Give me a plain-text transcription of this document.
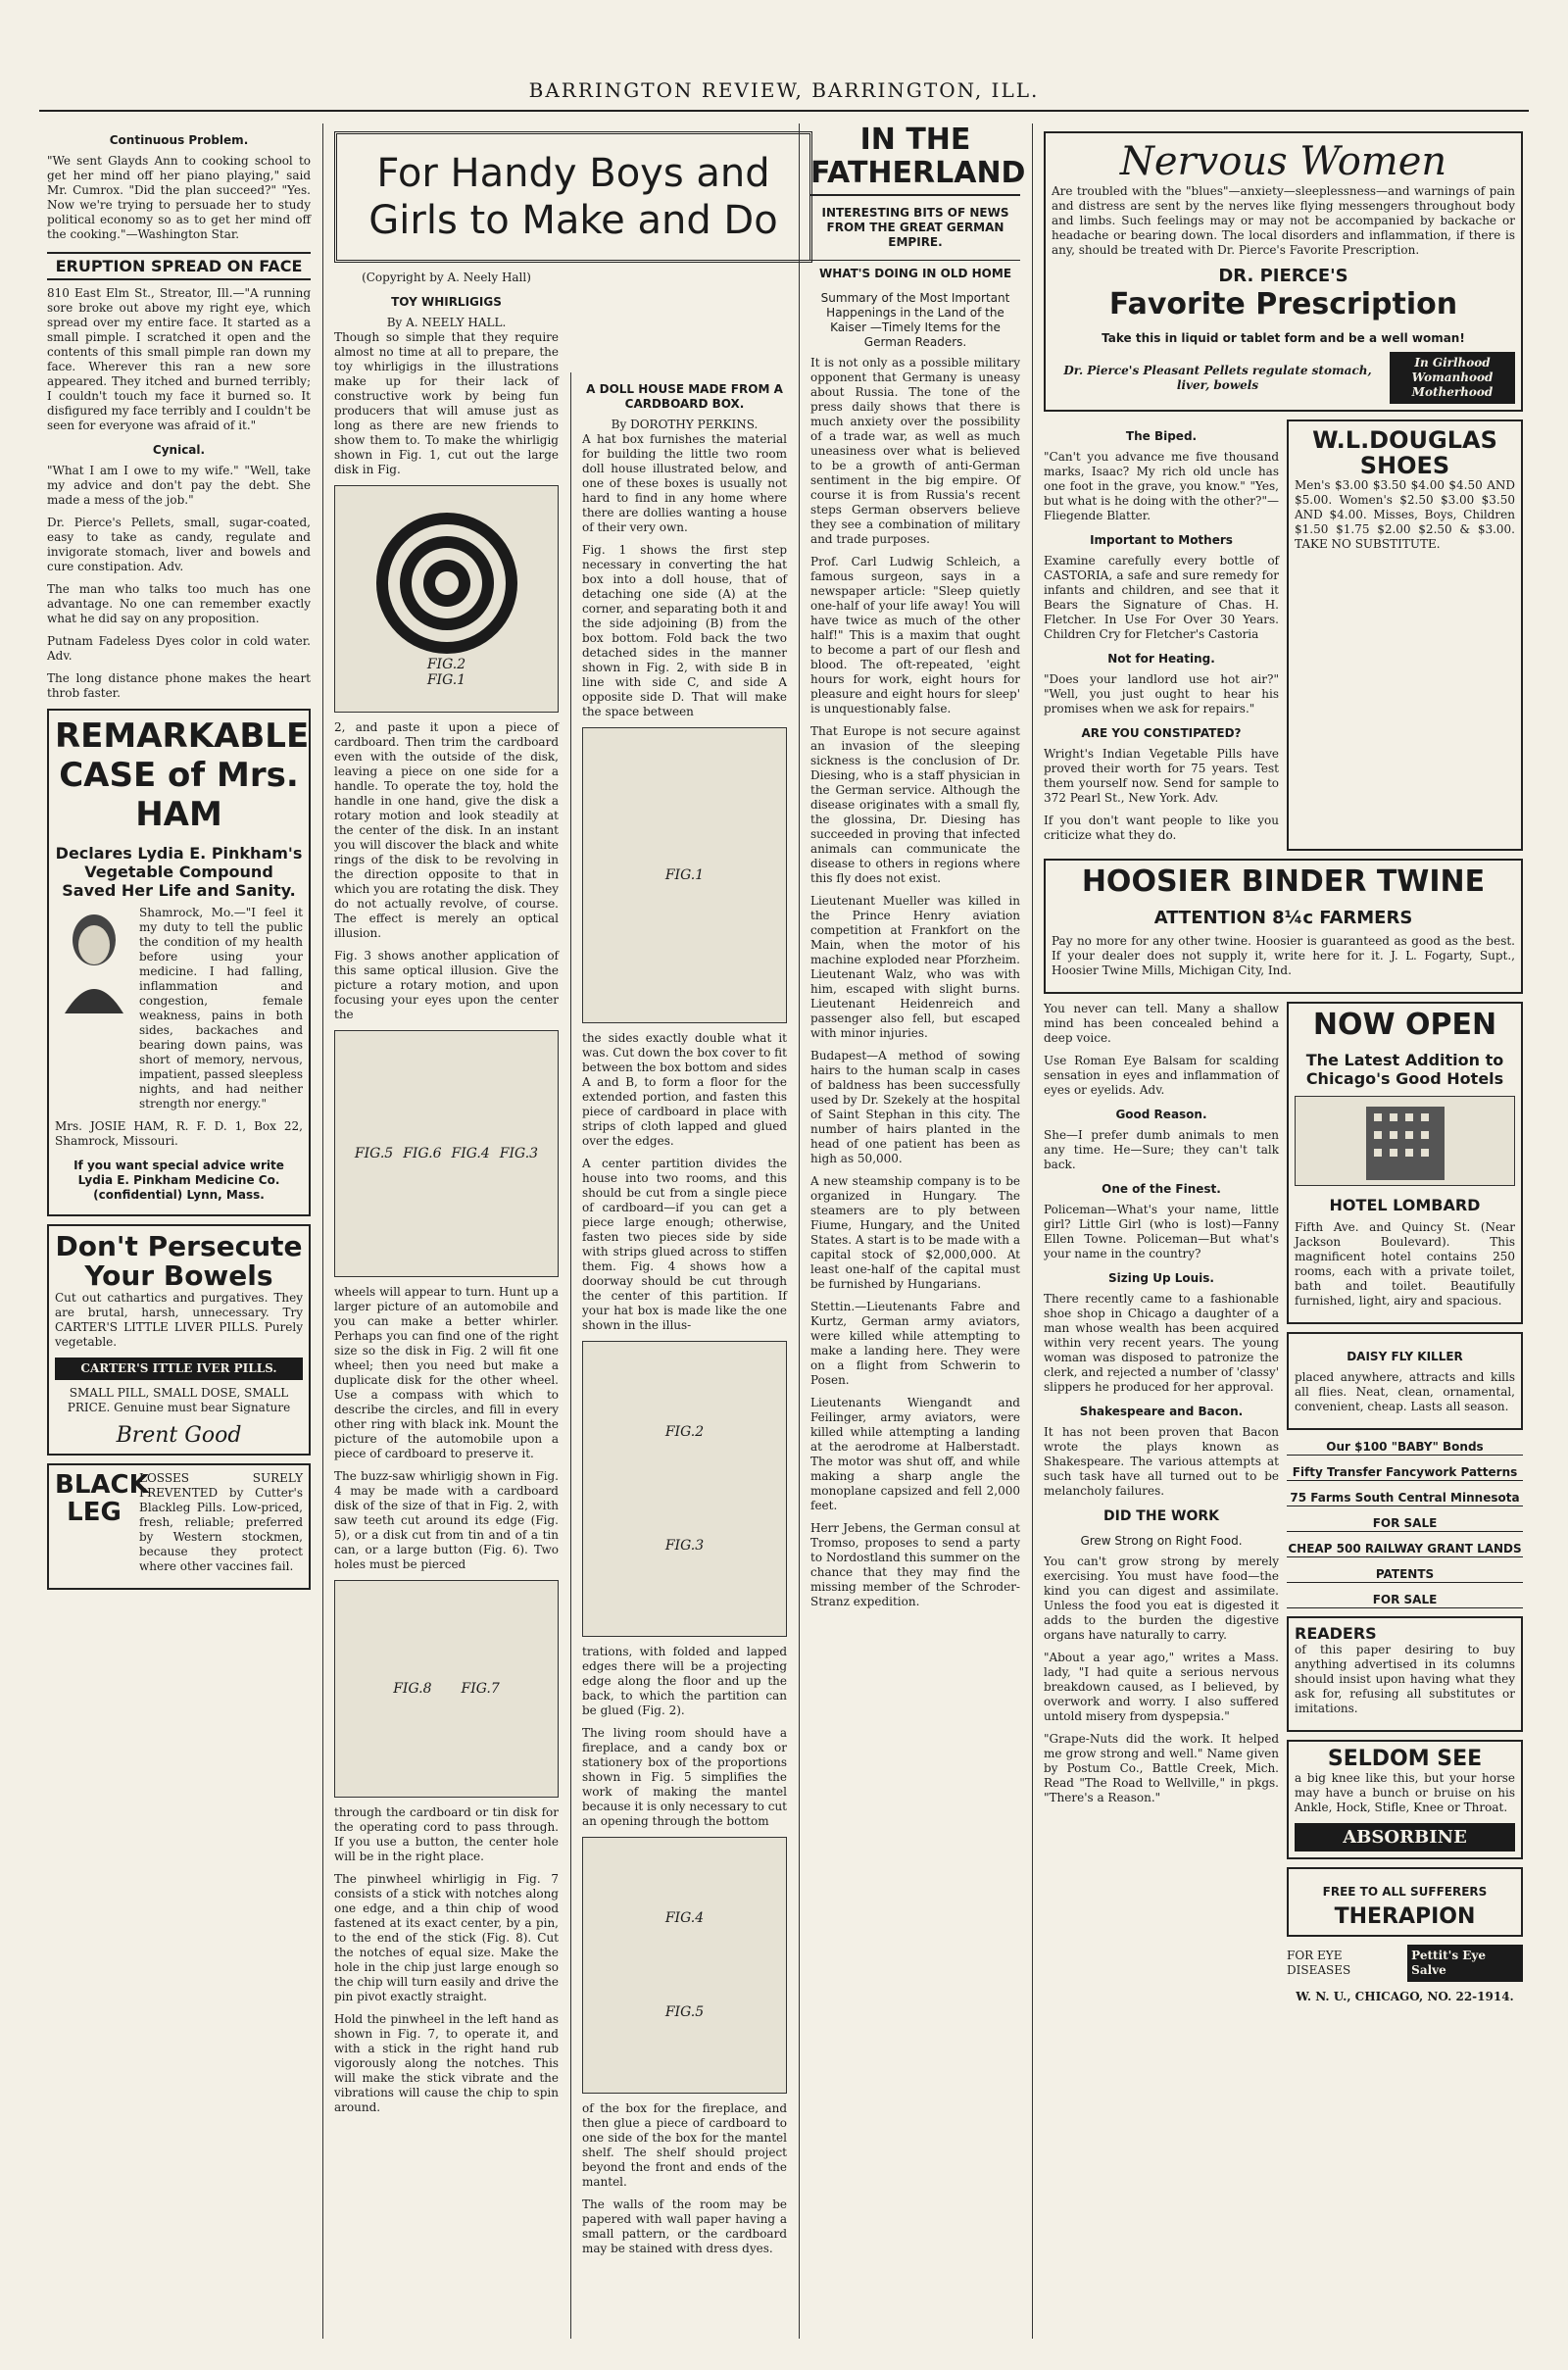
BARRINGTON REVIEW, BARRINGTON, ILL.
Continuous Problem.

"We sent Glayds Ann to cooking school to get her mind off her piano playing," said Mr. Cumrox. "Did the plan succeed?" "Yes. Now we're trying to persuade her to study political economy so as to get her mind off the cooking."—Washington Star.

ERUPTION SPREAD ON FACE

810 East Elm St., Streator, Ill.—"A running sore broke out above my right eye, which spread over my entire face. It started as a small pimple. I scratched it open and the contents of this small pimple ran down my face. Wherever this ran a new sore appeared. They itched and burned terribly; I couldn't touch my face it burned so. It disfigured my face terribly and I couldn't be seen for everyone was afraid of it."

Cynical.

"What I am I owe to my wife." "Well, take my advice and don't pay the debt. She made a mess of the job."

Dr. Pierce's Pellets, small, sugar-coated, easy to take as candy, regulate and invigorate stomach, liver and bowels and cure constipation. Adv.

The man who talks too much has one advantage. No one can remember exactly what he did say on any proposition.

Putnam Fadeless Dyes color in cold water. Adv.

The long distance phone makes the heart throb faster.

REMARKABLE CASE of Mrs. HAM
Declares Lydia E. Pinkham's Vegetable Compound Saved Her Life and Sanity.

Shamrock, Mo.—"I feel it my duty to tell the public the condition of my health before using your medicine. I had falling, inflammation and congestion, female weakness, pains in both sides, backaches and bearing down pains, was short of memory, nervous, impatient, passed sleepless nights, and had neither strength nor energy."

Mrs. JOSIE HAM, R. F. D. 1, Box 22, Shamrock, Missouri.

If you want special advice write Lydia E. Pinkham Medicine Co. (confidential) Lynn, Mass.
Don't Persecute Your Bowels

Cut out cathartics and purgatives. They are brutal, harsh, unnecessary. Try CARTER'S LITTLE LIVER PILLS. Purely vegetable.

CARTER'S ITTLE IVER PILLS.

SMALL PILL, SMALL DOSE, SMALL PRICE. Genuine must bear Signature

Brent Good
BLACK LEG

LOSSES SURELY PREVENTED by Cutter's Blackleg Pills. Low-priced, fresh, reliable; preferred by Western stockmen, because they protect where other vaccines fail.

For Handy Boys and Girls to Make and Do
(Copyright by A. Neely Hall)
TOY WHIRLIGIGS
By A. NEELY HALL.

Though so simple that they require almost no time at all to prepare, the toy whirligigs in the illustrations make up for their lack of constructive work by being fun producers that will amuse just as long as there are new friends to show them to. To make the whirligig shown in Fig. 1, cut out the large disk in Fig.

FIG.2
FIG.1

2, and paste it upon a piece of cardboard. Then trim the cardboard even with the outside of the disk, leaving a piece on one side for a handle. To operate the toy, hold the handle in one hand, give the disk a rotary motion and look steadily at the center of the disk. In an instant you will discover the black and white rings of the disk to be revolving in the direction opposite to that in which you are rotating the disk. They do not actually revolve, of course. The effect is merely an optical illusion.

Fig. 3 shows another application of this same optical illusion. Give the picture a rotary motion, and upon focusing your eyes upon the center the

FIG.5 FIG.6 FIG.4 FIG.3

wheels will appear to turn. Hunt up a larger picture of an automobile and you can make a better whirler. Perhaps you can find one of the right size so the disk in Fig. 2 will fit one wheel; then you need but make a duplicate disk for the other wheel. Use a compass with which to describe the circles, and fill in every other ring with black ink. Mount the picture of the automobile upon a piece of cardboard to preserve it.

The buzz-saw whirligig shown in Fig. 4 may be made with a cardboard disk of the size of that in Fig. 2, with saw teeth cut around its edge (Fig. 5), or a disk cut from tin and of a tin can, or a large button (Fig. 6). Two holes must be pierced

FIG.8 FIG.7

through the cardboard or tin disk for the operating cord to pass through. If you use a button, the center hole will be in the right place.

The pinwheel whirligig in Fig. 7 consists of a stick with notches along one edge, and a thin chip of wood fastened at its exact center, by a pin, to the end of the stick (Fig. 8). Cut the notches of equal size. Make the hole in the chip just large enough so the chip will turn easily and drive the pin pivot exactly straight.

Hold the pinwheel in the left hand as shown in Fig. 7, to operate it, and with a stick in the right hand rub vigorously along the notches. This will make the stick vibrate and the vibrations will cause the chip to spin around.

A DOLL HOUSE MADE FROM A CARDBOARD BOX.
By DOROTHY PERKINS.

A hat box furnishes the material for building the little two room doll house illustrated below, and one of these boxes is usually not hard to find in any home where there are dollies wanting a house of their very own.

Fig. 1 shows the first step necessary in converting the hat box into a doll house, that of detaching one side (A) at the corner, and separating both it and the side adjoining (B) from the box bottom. Fold back the two detached sides in the manner shown in Fig. 2, with side B in line with side C, and side A opposite side D. That will make the space between

FIG.1

the sides exactly double what it was. Cut down the box cover to fit between the box bottom and sides A and B, to form a floor for the extended portion, and fasten this piece of cardboard in place with strips of cloth lapped and glued over the edges.

A center partition divides the house into two rooms, and this should be cut from a single piece of cardboard—if you can get a piece large enough; otherwise, fasten two pieces side by side with strips glued across to stiffen them. Fig. 4 shows how a doorway should be cut through the center of this partition. If your hat box is made like the one shown in the illus-

FIG.2
FIG.3

trations, with folded and lapped edges there will be a projecting edge along the floor and up the back, to which the partition can be glued (Fig. 2).

The living room should have a fireplace, and a candy box or stationery box of the proportions shown in Fig. 5 simplifies the work of making the mantel because it is only necessary to cut an opening through the bottom

FIG.4
FIG.5

of the box for the fireplace, and then glue a piece of cardboard to one side of the box for the mantel shelf. The shelf should project beyond the front and ends of the mantel.

The walls of the room may be papered with wall paper having a small pattern, or the cardboard may be stained with dress dyes.

IN THE FATHERLAND
INTERESTING BITS OF NEWS FROM THE GREAT GERMAN EMPIRE.
WHAT'S DOING IN OLD HOME
Summary of the Most Important Happenings in the Land of the Kaiser —Timely Items for the German Readers.

It is not only as a possible military opponent that Germany is uneasy about Russia. The tone of the press daily shows that there is much anxiety over the possibility of a trade war, as well as much uneasiness over what is believed to be a growth of anti-German sentiment in the big empire. Of course it is from Russia's recent steps German observers believe they see a combination of military and trade purposes.

Prof. Carl Ludwig Schleich, a famous surgeon, says in a newspaper article: "Sleep quietly one-half of your life away! You will have twice as much of the other half!" This is a maxim that ought to become a part of our flesh and blood. The oft-repeated, 'eight hours for work, eight hours for pleasure and eight hours for sleep' is unquestionably false.

That Europe is not secure against an invasion of the sleeping sickness is the conclusion of Dr. Diesing, who is a staff physician in the German service. Although the disease originates with a small fly, the glossina, Dr. Diesing has succeeded in proving that infected animals can communicate the disease to others in regions where this fly does not exist.

Lieutenant Mueller was killed in the Prince Henry aviation competition at Frankfort on the Main, when the motor of his machine exploded near Pforzheim. Lieutenant Walz, who was with him, escaped with slight burns. Lieutenant Heidenreich and passenger also fell, but escaped with minor injuries.

Budapest—A method of sowing hairs to the human scalp in cases of baldness has been successfully used by Dr. Szekely at the hospital of Saint Stephan in this city. The number of hairs planted in the head of one patient has been as high as 50,000.

A new steamship company is to be organized in Hungary. The steamers are to ply between Fiume, Hungary, and the United States. A start is to be made with a capital stock of $2,000,000. At least one-half of the capital must be furnished by Hungarians.

Stettin.—Lieutenants Fabre and Kurtz, German army aviators, were killed while attempting to make a landing here. They were on a flight from Schwerin to Posen.

Lieutenants Wiengandt and Feilinger, army aviators, were killed while attempting a landing at the aerodrome at Halberstadt. The motor was shut off, and while making a sharp angle the monoplane capsized and fell 2,000 feet.

Herr Jebens, the German consul at Tromso, proposes to send a party to Nordostland this summer on the chance that they may find the missing member of the Schroder-Stranz expedition.

Nervous Women

Are troubled with the "blues"—anxiety—sleeplessness—and warnings of pain and distress are sent by the nerves like flying messengers throughout body and limbs. Such feelings may or may not be accompanied by backache or headache or bearing down. The local disorders and inflammation, if there is any, should be treated with Dr. Pierce's Favorite Prescription.

DR. PIERCE'S
Favorite Prescription
Take this in liquid or tablet form and be a well woman!
Dr. Pierce's Pleasant Pellets regulate stomach, liver, bowels
In Girlhood Womanhood Motherhood
The Biped.

"Can't you advance me five thousand marks, Isaac? My rich old uncle has one foot in the grave, you know." "Yes, but what is he doing with the other?"—Fliegende Blatter.

Important to Mothers

Examine carefully every bottle of CASTORIA, a safe and sure remedy for infants and children, and see that it Bears the Signature of Chas. H. Fletcher. In Use For Over 30 Years. Children Cry for Fletcher's Castoria

Not for Heating.

"Does your landlord use hot air?" "Well, you just ought to hear his promises when we ask for repairs."

ARE YOU CONSTIPATED?

Wright's Indian Vegetable Pills have proved their worth for 75 years. Test them yourself now. Send for sample to 372 Pearl St., New York. Adv.

If you don't want people to like you criticize what they do.

W.L.DOUGLAS SHOES

Men's $3.00 $3.50 $4.00 $4.50 AND $5.00. Women's $2.50 $3.00 $3.50 AND $4.00. Misses, Boys, Children $1.50 $1.75 $2.00 $2.50 & $3.00. TAKE NO SUBSTITUTE.

HOOSIER BINDER TWINE
ATTENTION 8¼c FARMERS

Pay no more for any other twine. Hoosier is guaranteed as good as the best. If your dealer does not supply it, write here for it. J. L. Fogarty, Supt., Hoosier Twine Mills, Michigan City, Ind.

You never can tell. Many a shallow mind has been concealed behind a deep voice.

Use Roman Eye Balsam for scalding sensation in eyes and inflammation of eyes or eyelids. Adv.

Good Reason.

She—I prefer dumb animals to men any time. He—Sure; they can't talk back.

One of the Finest.

Policeman—What's your name, little girl? Little Girl (who is lost)—Fanny Ellen Towne. Policeman—But what's your name in the country?

Sizing Up Louis.

There recently came to a fashionable shoe shop in Chicago a daughter of a man whose wealth has been acquired within very recent years. The young woman was disposed to patronize the clerk, and rejected a number of 'classy' slippers he produced for her approval.

Shakespeare and Bacon.

It has not been proven that Bacon wrote the plays known as Shakespeare. The various attempts at such task have all turned out to be melancholy failures.

DID THE WORK
Grew Strong on Right Food.

You can't grow strong by merely exercising. You must have food—the kind you can digest and assimilate. Unless the food you eat is digested it adds to the burden the digestive organs have naturally to carry.

"About a year ago," writes a Mass. lady, "I had quite a serious nervous breakdown caused, as I believed, by overwork and worry. I also suffered untold misery from dyspepsia."

"Grape-Nuts did the work. It helped me grow strong and well." Name given by Postum Co., Battle Creek, Mich. Read "The Road to Wellville," in pkgs. "There's a Reason."

NOW OPEN
The Latest Addition to Chicago's Good Hotels
HOTEL LOMBARD

Fifth Ave. and Quincy St. (Near Jackson Boulevard). This magnificent hotel contains 250 rooms, each with a private toilet, bath and toilet. Beautifully furnished, light, airy and spacious.

DAISY FLY KILLER

placed anywhere, attracts and kills all flies. Neat, clean, ornamental, convenient, cheap. Lasts all season.

Our $100 "BABY" Bonds
Fifty Transfer Fancywork Patterns
75 Farms South Central Minnesota
FOR SALE
CHEAP 500 RAILWAY GRANT LANDS
PATENTS
FOR SALE
READERS

of this paper desiring to buy anything advertised in its columns should insist upon having what they ask for, refusing all substitutes or imitations.

SELDOM SEE

a big knee like this, but your horse may have a bunch or bruise on his Ankle, Hock, Stifle, Knee or Throat.

ABSORBINE
FREE TO ALL SUFFERERS
THERAPION
FOR EYE DISEASES
Pettit's Eye Salve
W. N. U., CHICAGO, NO. 22-1914.
